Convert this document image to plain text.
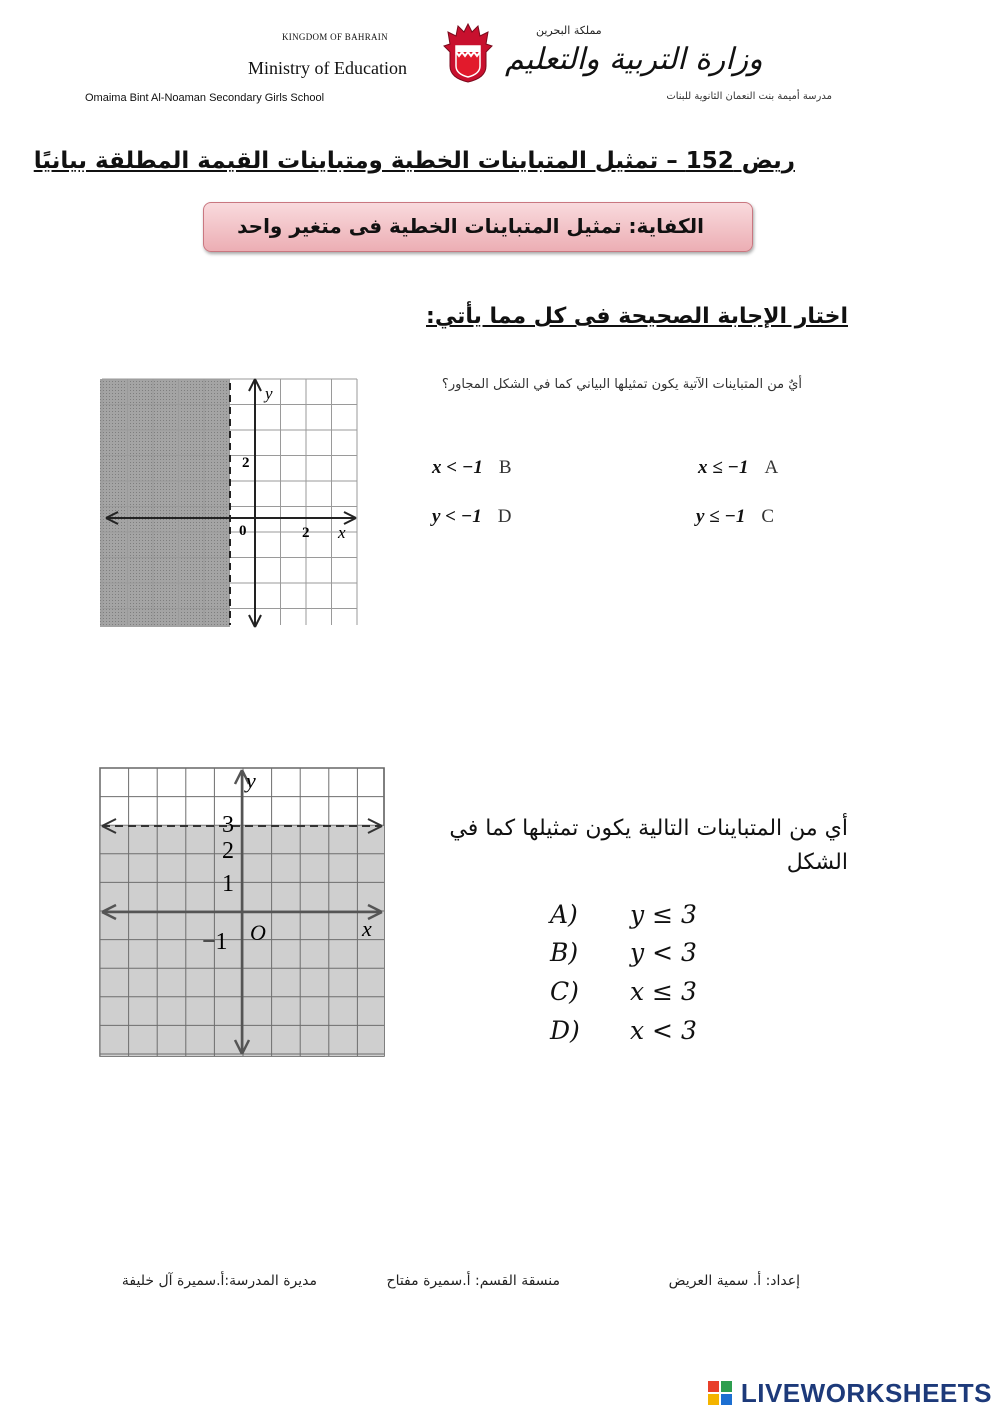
KINGDOM OF BAHRAIN
Ministry of Education
Omaima Bint Al-Noaman Secondary Girls School	مدرسة أميمة بنت النعمان الثانوية للبنات
مملكة البحرين
وزارة التربية والتعليم
ريض 152 – تمثيل المتباينات الخطية ومتباينات القيمة المطلقة بيانيًا
الكفاية: تمثيل المتباينات الخطية فى متغير واحد
اختار الإجابة الصحيحة فى كل مما يأتي:
y
2
0	2 x
أيٌ من المتباينات الآتية يكون تمثيلها البياني كما في الشكل المجاور؟
x ≤ −1 A
x < −1 B
y ≤ −1 C
y < −1 D
y
3
2
1
−1 O	x
أي من المتباينات التالية يكون تمثيلها كما في الشكل
A) y ≤ 3
B) y < 3
C) x ≤ 3
D) x < 3
إعداد: أ. سمية العريض
منسقة القسم: أ.سميرة مفتاح
مديرة المدرسة:أ.سميرة آل خليفة
LIVEWORKSHEETS
